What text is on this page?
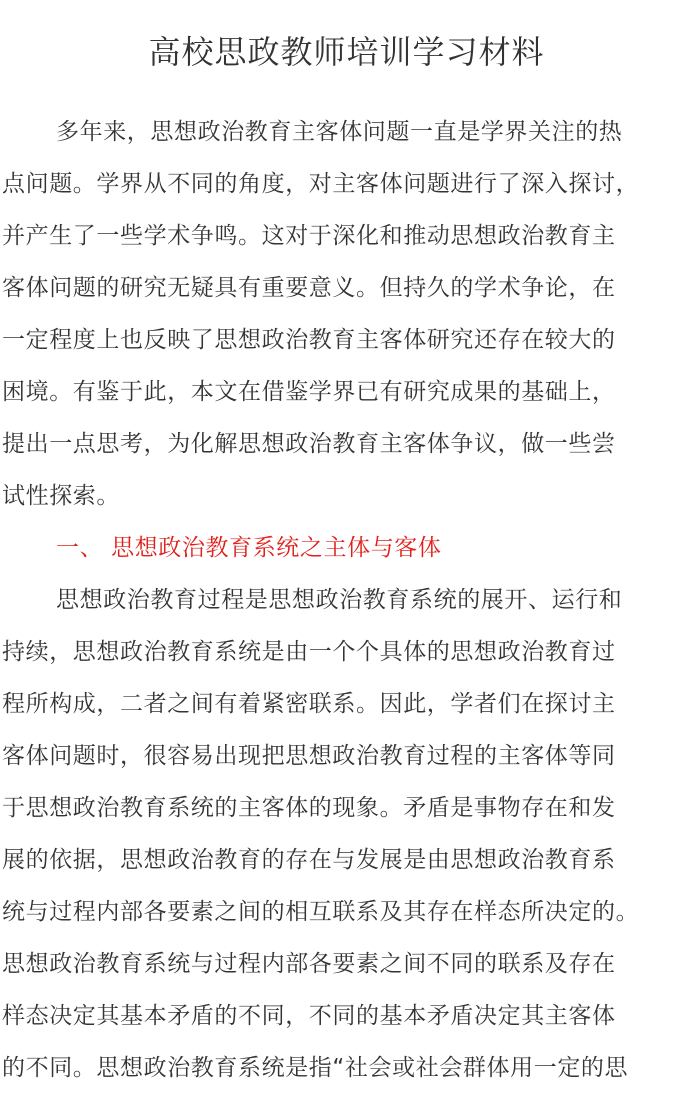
高校思政教师培训学习材料
多年来，思想政治教育主客体问题一直是学界关注的热
点问题。学界从不同的角度，对主客体问题进行了深入探讨，
并产生了一些学术争鸣。这对于深化和推动思想政治教育主
客体问题的研究无疑具有重要意义。但持久的学术争论，在
一定程度上也反映了思想政治教育主客体研究还存在较大的
困境。有鉴于此，本文在借鉴学界已有研究成果的基础上，
提出一点思考，为化解思想政治教育主客体争议，做一些尝
试性探索。
一、 思想政治教育系统之主体与客体
思想政治教育过程是思想政治教育系统的展开、运行和
持续，思想政治教育系统是由一个个具体的思想政治教育过
程所构成，二者之间有着紧密联系。因此，学者们在探讨主
客体问题时，很容易出现把思想政治教育过程的主客体等同
于思想政治教育系统的主客体的现象。矛盾是事物存在和发
展的依据，思想政治教育的存在与发展是由思想政治教育系
统与过程内部各要素之间的相互联系及其存在样态所决定的。
思想政治教育系统与过程内部各要素之间不同的联系及存在
样态决定其基本矛盾的不同，不同的基本矛盾决定其主客体
的不同。思想政治教育系统是指“社会或社会群体用一定的思
